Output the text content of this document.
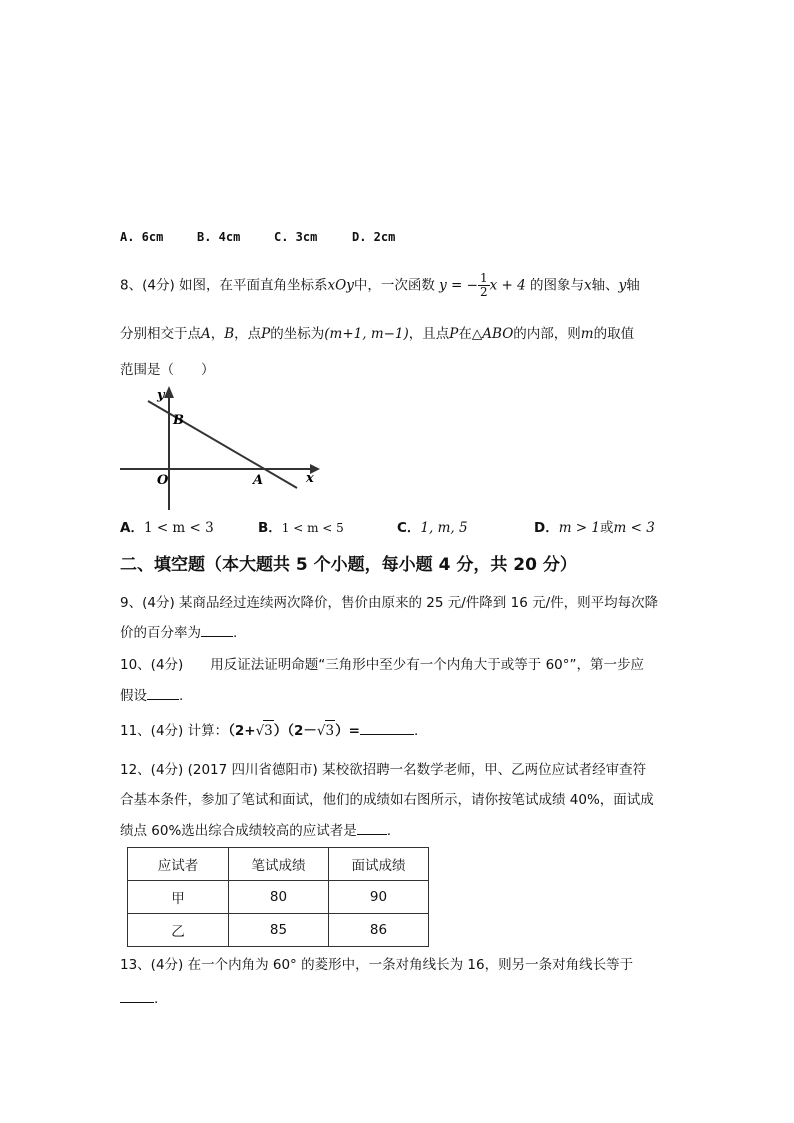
A. 6cm	B. 4cm	C. 3cm	D. 2cm
8、(4分) 如图，在平面直角坐标系xOy中，一次函数 y = − $\frac{1}{2}$ x + 4 的图象与x轴、y轴
分别相交于点A，B，点P的坐标为(m+1, m−1)，且点P在△ABO的内部，则m的取值
范围是（　　）
y
x
B
O	A
A．1 < m < 3	B．1 < m < 5	C．1, m, 5	D．m > 1或m < 3
二、填空题（本大题共 5 个小题，每小题 4 分，共 20 分）
9、(4分) 某商品经过连续两次降价，售价由原来的 25 元/件降到 16 元/件，则平均每次降
价的百分率为 .
10、(4分)　　用反证法证明命题“三角形中至少有一个内角大于或等于 60°”，第一步应
假设 .
11、(4分) 计算：（2+√3）（2－√3）=	.
12、(4分) (2017 四川省德阳市) 某校欲招聘一名数学老师，甲、乙两位应试者经审查符
合基本条件，参加了笔试和面试，他们的成绩如右图所示，请你按笔试成绩 40%，面试成
绩点 60%选出综合成绩较高的应试者是 .
应试者	笔试成绩	面试成绩
甲	80	90
乙	85	86
13、(4分) 在一个内角为 60° 的菱形中，一条对角线长为 16，则另一条对角线长等于
.
